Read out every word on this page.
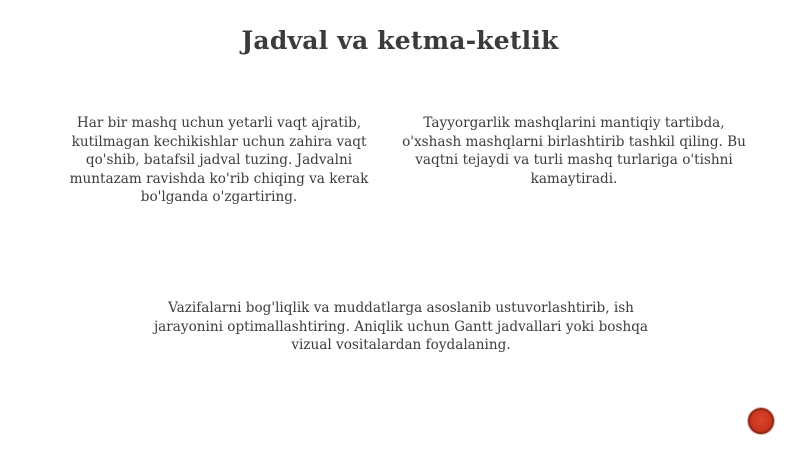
Jadval va ketma-ketlik
Har bir mashq uchun yetarli vaqt ajratib, kutilmagan kechikishlar uchun zahira vaqt qo'shib, batafsil jadval tuzing. Jadvalni muntazam ravishda ko'rib chiqing va kerak bo'lganda o'zgartiring.
Tayyorgarlik mashqlarini mantiqiy tartibda, o'xshash mashqlarni birlashtirib tashkil qiling. Bu vaqtni tejaydi va turli mashq turlariga o'tishni kamaytiradi.
Vazifalarni bog'liqlik va muddatlarga asoslanib ustuvorlashtirib, ish jarayonini optimallashtiring. Aniqlik uchun Gantt jadvallari yoki boshqa vizual vositalardan foydalaning.
